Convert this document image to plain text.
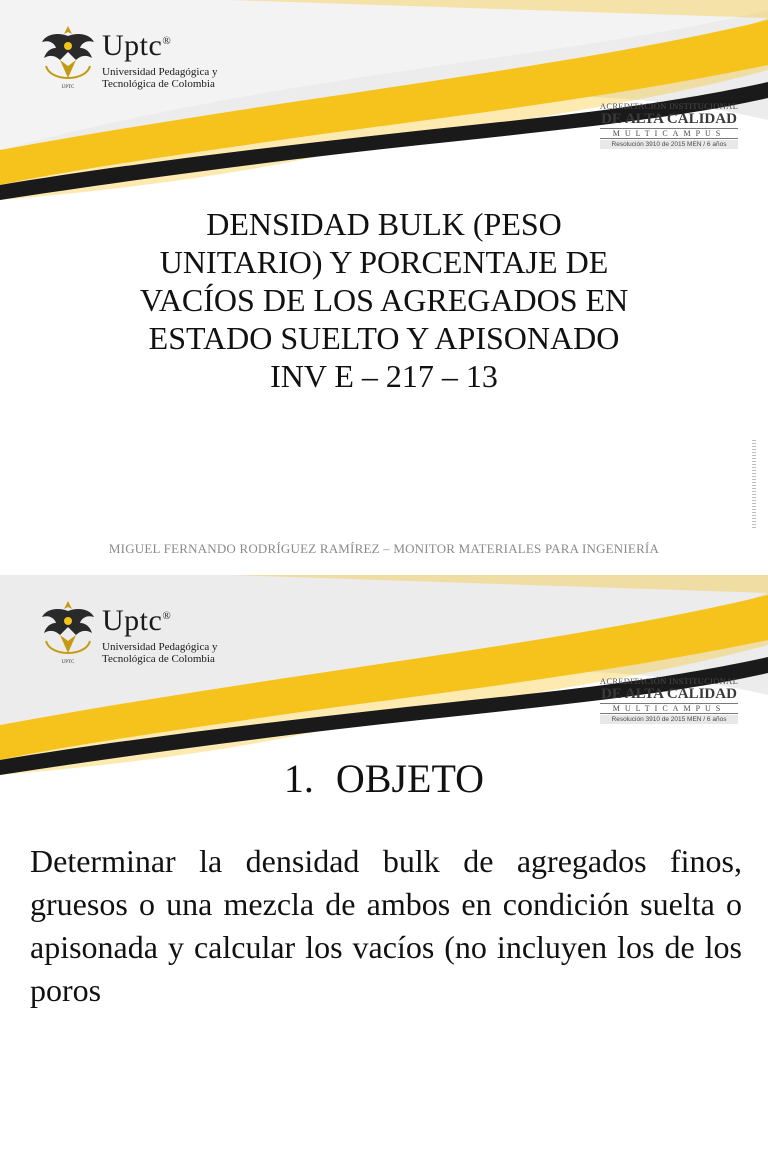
UPTC
Uptc®
Universidad Pedagógica y
Tecnológica de Colombia
ACREDITACIÓN INSTITUCIONAL
DE ALTA CALIDAD
MULTICAMPUS
Resolución 3910 de 2015 MEN / 6 años
DENSIDAD BULK (PESO
UNITARIO) Y PORCENTAJE DE
VACÍOS DE LOS AGREGADOS EN
ESTADO SUELTO Y APISONADO
INV E – 217 – 13
MIGUEL FERNANDO RODRÍGUEZ RAMÍREZ – MONITOR MATERIALES PARA INGENIERÍA
UPTC
Uptc®
Universidad Pedagógica y
Tecnológica de Colombia
ACREDITACIÓN INSTITUCIONAL
DE ALTA CALIDAD
MULTICAMPUS
Resolución 3910 de 2015 MEN / 6 años
1. OBJETO

Determinar la densidad bulk de agregados finos, gruesos o una mezcla de ambos en condición suelta o apisonada y calcular los vacíos (no incluyen los de los poros
